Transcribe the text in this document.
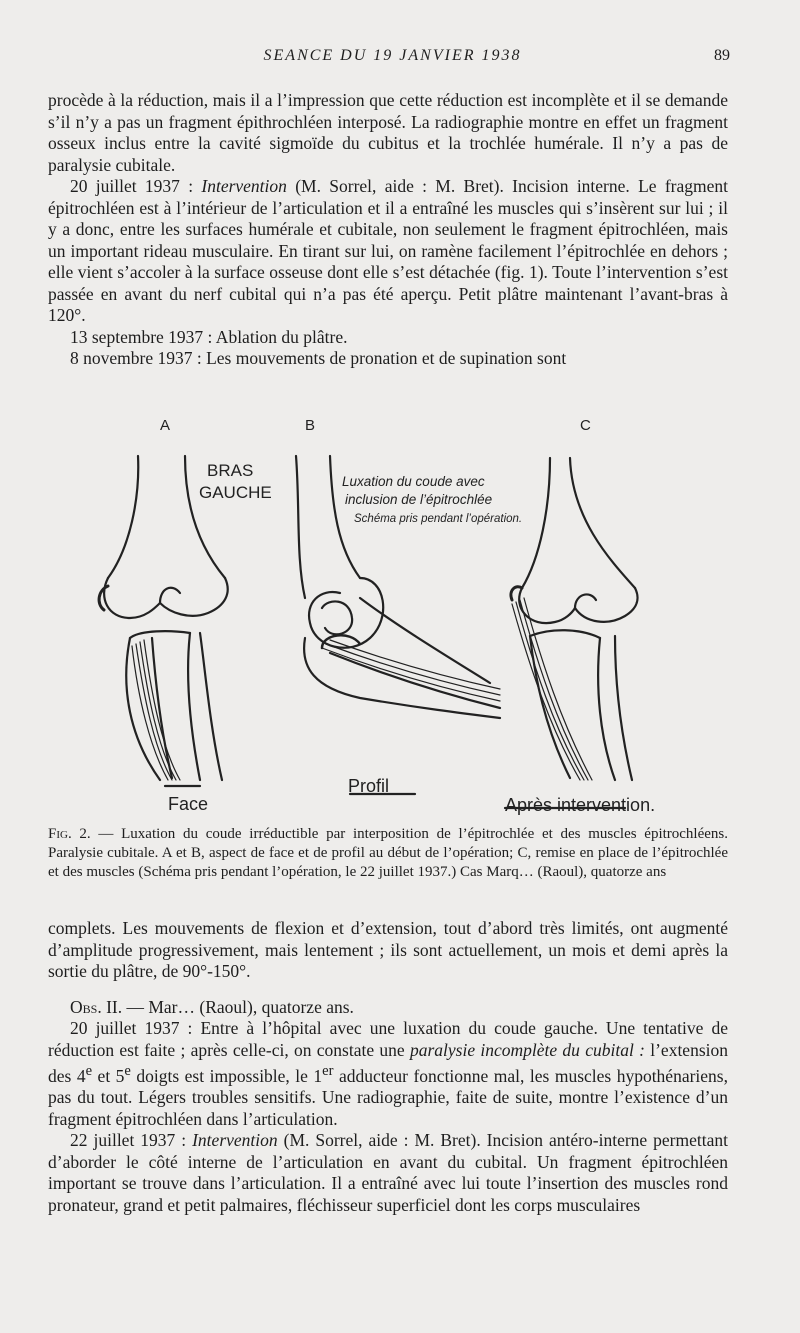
SEANCE DU 19 JANVIER 1938	89

procède à la réduction, mais il a l’impression que cette réduction est incomplète et il se demande s’il n’y a pas un fragment épithrochléen interposé. La radiographie montre en effet un fragment osseux inclus entre la cavité sigmoïde du cubitus et la trochlée humérale. Il n’y a pas de paralysie cubitale.

20 juillet 1937 : Intervention (M. Sorrel, aide : M. Bret). Incision interne. Le fragment épitrochléen est à l’intérieur de l’articulation et il a entraîné les muscles qui s’insèrent sur lui ; il y a donc, entre les surfaces humérale et cubitale, non seulement le fragment épitrochléen, mais un important rideau musculaire. En tirant sur lui, on ramène facilement l’épitrochlée en dehors ; elle vient s’accoler à la surface osseuse dont elle s’est détachée (fig. 1). Toute l’intervention s’est passée en avant du nerf cubital qui n’a pas été aperçu. Petit plâtre maintenant l’avant-bras à 120°.

13 septembre 1937 : Ablation du plâtre.

8 novembre 1937 : Les mouvements de pronation et de supination sont

A	B	C
BRAS
GAUCHE
Luxation du coude avec
inclusion de l’épitrochlée
Schéma pris pendant l’opération.
Face
Profil
Après intervention.
Fig. 2. — Luxation du coude irréductible par interposition de l’épitrochlée et des muscles épitrochléens. Paralysie cubitale. A et B, aspect de face et de profil au début de l’opération; C, remise en place de l’épitrochlée et des muscles (Schéma pris pendant l’opération, le 22 juillet 1937.) Cas Marq… (Raoul), quatorze ans

complets. Les mouvements de flexion et d’extension, tout d’abord très limités, ont augmenté d’amplitude progressivement, mais lentement ; ils sont actuellement, un mois et demi après la sortie du plâtre, de 90°-150°.

Obs. II. — Mar… (Raoul), quatorze ans.

20 juillet 1937 : Entre à l’hôpital avec une luxation du coude gauche. Une tentative de réduction est faite ; après celle-ci, on constate une paralysie incomplète du cubital : l’extension des 4e et 5e doigts est impossible, le 1er adducteur fonctionne mal, les muscles hypothénariens, pas du tout. Légers troubles sensitifs. Une radiographie, faite de suite, montre l’existence d’un fragment épitrochléen dans l’articulation.

22 juillet 1937 : Intervention (M. Sorrel, aide : M. Bret). Incision antéro-interne permettant d’aborder le côté interne de l’articulation en avant du cubital. Un fragment épitrochléen important se trouve dans l’articulation. Il a entraîné avec lui toute l’insertion des muscles rond pronateur, grand et petit palmaires, fléchisseur superficiel dont les corps musculaires
